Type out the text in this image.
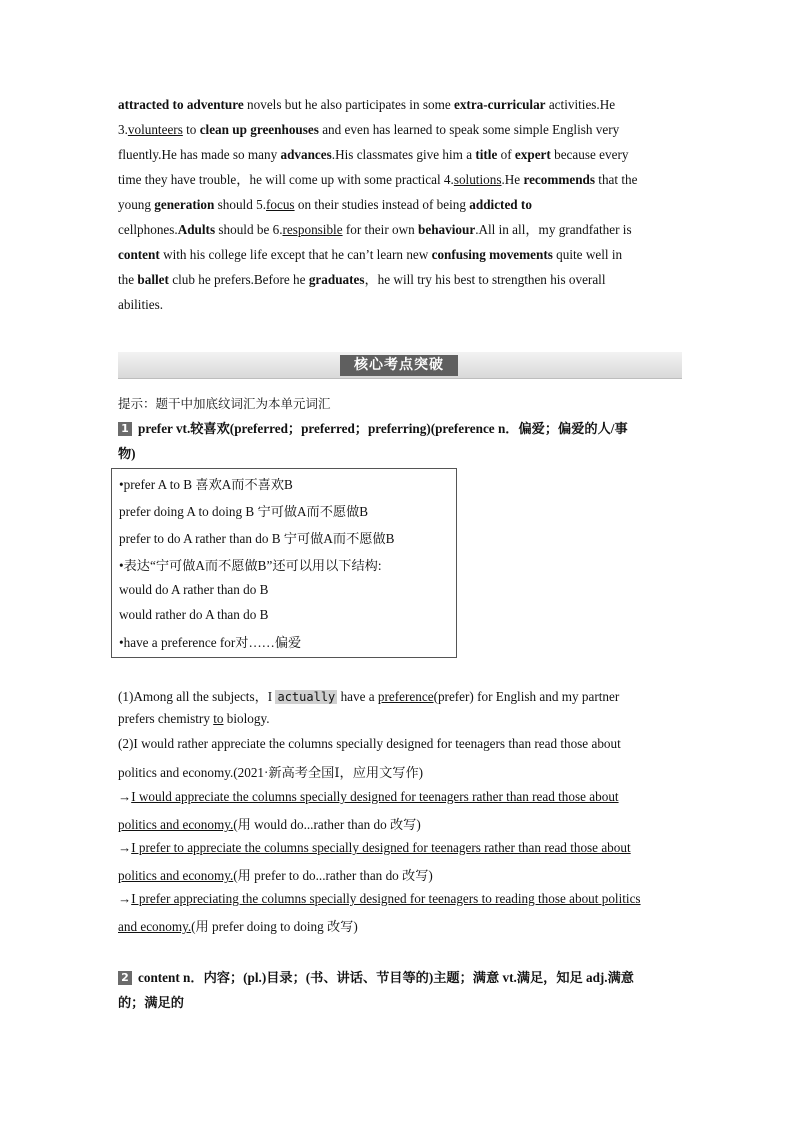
attracted to adventure novels but he also participates in some extra-curricular activities.He
3.volunteers to clean up greenhouses and even has learned to speak some simple English very
fluently.He has made so many advances.His classmates give him a title of expert because every
time they have trouble，he will come up with some practical 4.solutions.He recommends that the
young generation should 5.focus on their studies instead of being addicted to
cellphones.Adults should be 6.responsible for their own behaviour.All in all，my grandfather is
content with his college life except that he can’t learn new confusing movements quite well in
the ballet club he prefers.Before he graduates，he will try his best to strengthen his overall
abilities.
核心考点突破
提示：题干中加底纹词汇为本单元词汇
1 prefer vt.较喜欢(preferred；preferred；preferring)(preference n．偏爱；偏爱的人/事
物)
•prefer A to B 喜欢A而不喜欢B
prefer doing A to doing B 宁可做A而不愿做B
prefer to do A rather than do B 宁可做A而不愿做B
•表达“宁可做A而不愿做B”还可以用以下结构:
would do A rather than do B
would rather do A than do B
•have a preference for对……偏爱
(1)Among all the subjects，I actually have a preference(prefer) for English and my partner
prefers chemistry to biology.
(2)I would rather appreciate the columns specially designed for teenagers than read those about
politics and economy.(2021·新高考全国Ⅰ，应用文写作)
→I would appreciate the columns specially designed for teenagers rather than read those about
politics and economy.(用 would do...rather than do 改写)
→I prefer to appreciate the columns specially designed for teenagers rather than read those about
politics and economy.(用 prefer to do...rather than do 改写)
→I prefer appreciating the columns specially designed for teenagers to reading those about politics
and economy.(用 prefer doing to doing 改写)
2 content n．内容；(pl.)目录；(书、讲话、节目等的)主题；满意 vt.满足，知足 adj.满意
的；满足的
